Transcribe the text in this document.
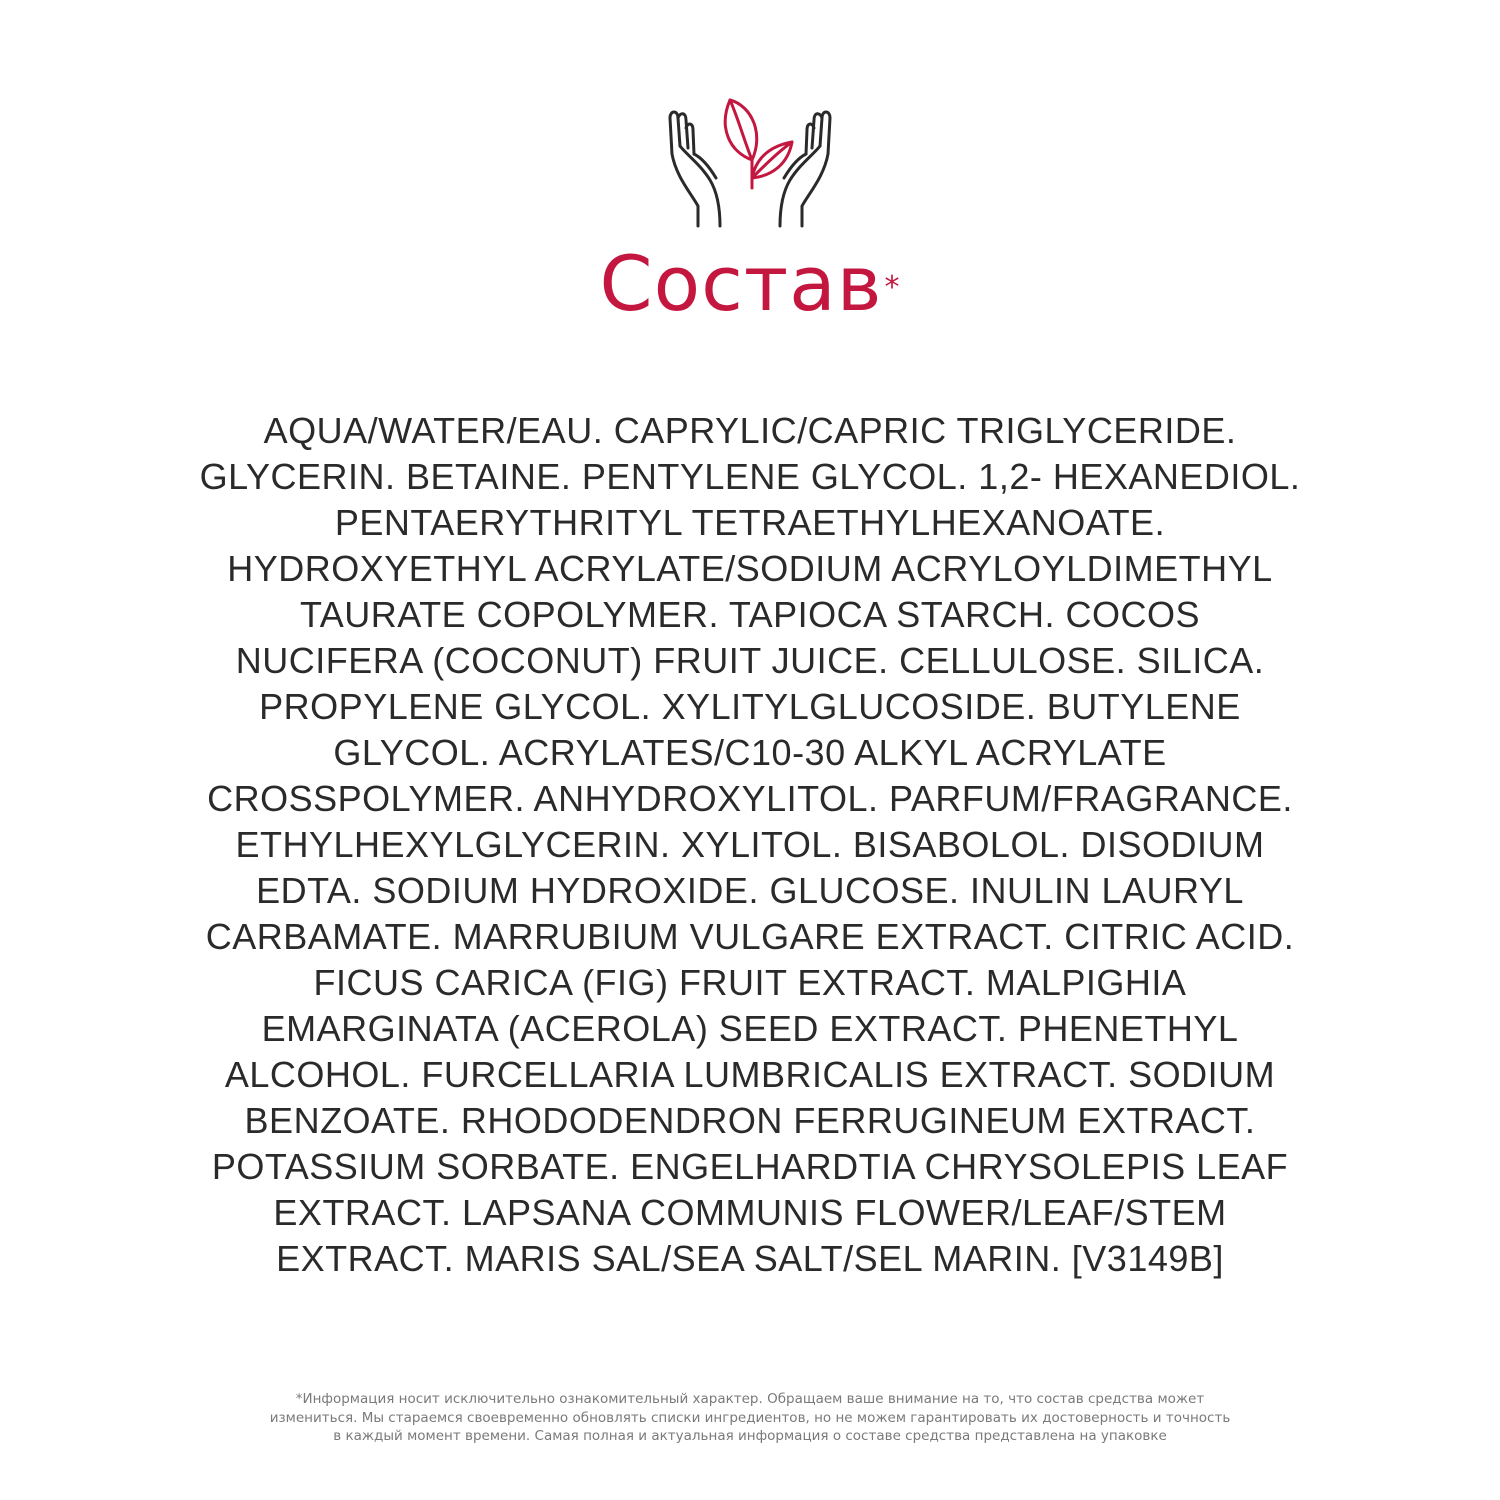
Состав*
AQUA/WATER/EAU. CAPRYLIC/CAPRIC TRIGLYCERIDE.
GLYCERIN. BETAINE. PENTYLENE GLYCOL. 1,2- HEXANEDIOL.
PENTAERYTHRITYL TETRAETHYLHEXANOATE.
HYDROXYETHYL ACRYLATE/SODIUM ACRYLOYLDIMETHYL
TAURATE COPOLYMER. TAPIOCA STARCH. COCOS
NUCIFERA (COCONUT) FRUIT JUICE. CELLULOSE. SILICA.
PROPYLENE GLYCOL. XYLITYLGLUCOSIDE. BUTYLENE
GLYCOL. ACRYLATES/C10-30 ALKYL ACRYLATE
CROSSPOLYMER. ANHYDROXYLITOL. PARFUM/FRAGRANCE.
ETHYLHEXYLGLYCERIN. XYLITOL. BISABOLOL. DISODIUM
EDTA. SODIUM HYDROXIDE. GLUCOSE. INULIN LAURYL
CARBAMATE. MARRUBIUM VULGARE EXTRACT. CITRIC ACID.
FICUS CARICA (FIG) FRUIT EXTRACT. MALPIGHIA
EMARGINATA (ACEROLA) SEED EXTRACT. PHENETHYL
ALCOHOL. FURCELLARIA LUMBRICALIS EXTRACT. SODIUM
BENZOATE. RHODODENDRON FERRUGINEUM EXTRACT.
POTASSIUM SORBATE. ENGELHARDTIA CHRYSOLEPIS LEAF
EXTRACT. LAPSANA COMMUNIS FLOWER/LEAF/STEM
EXTRACT. MARIS SAL/SEA SALT/SEL MARIN. [V3149B]
*Информация носит исключительно ознакомительный характер. Обращаем ваше внимание на то, что состав средства может
измениться. Мы стараемся своевременно обновлять списки ингредиентов, но не можем гарантировать их достоверность и точность
в каждый момент времени. Самая полная и актуальная информация о составе средства представлена на упаковке
